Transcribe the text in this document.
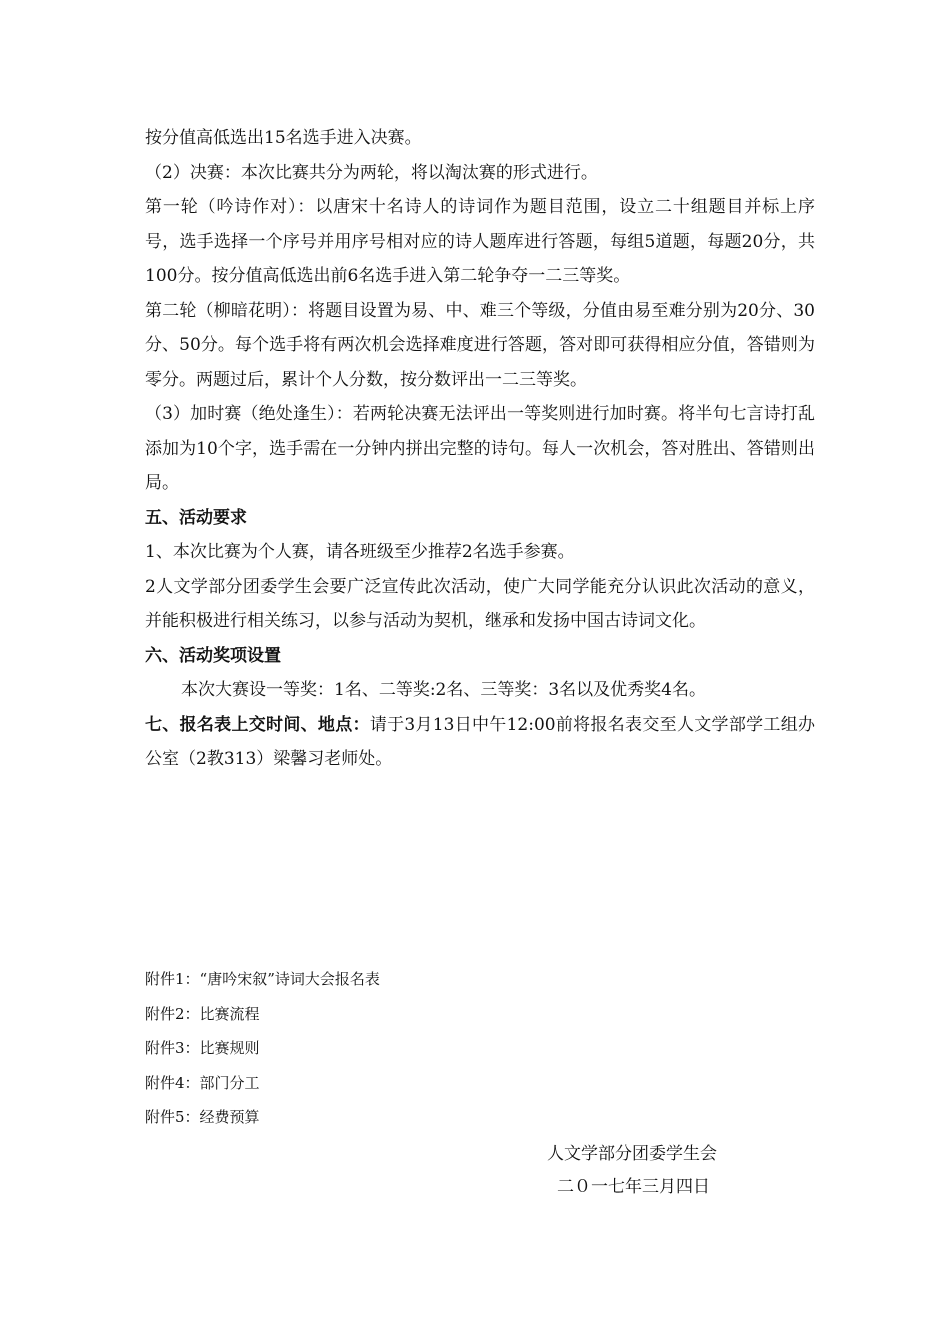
按分值高低选出15名选手进入决赛。

（2）决赛：本次比赛共分为两轮，将以淘汰赛的形式进行。

第一轮（吟诗作对）：以唐宋十名诗人的诗词作为题目范围，设立二十组题目并标上序号，选手选择一个序号并用序号相对应的诗人题库进行答题，每组5道题，每题20分，共100分。按分值高低选出前6名选手进入第二轮争夺一二三等奖。

第二轮（柳暗花明）：将题目设置为易、中、难三个等级，分值由易至难分别为20分、30分、50分。每个选手将有两次机会选择难度进行答题，答对即可获得相应分值，答错则为零分。两题过后，累计个人分数，按分数评出一二三等奖。

（3）加时赛（绝处逢生）：若两轮决赛无法评出一等奖则进行加时赛。将半句七言诗打乱添加为10个字，选手需在一分钟内拼出完整的诗句。每人一次机会，答对胜出、答错则出局。

五、活动要求

1、本次比赛为个人赛，请各班级至少推荐2名选手参赛。

2人文学部分团委学生会要广泛宣传此次活动，使广大同学能充分认识此次活动的意义，并能积极进行相关练习，以参与活动为契机，继承和发扬中国古诗词文化。

六、活动奖项设置

本次大赛设一等奖：1名、二等奖:2名、三等奖：3名以及优秀奖4名。

七、报名表上交时间、地点：请于3月13日中午12:00前将报名表交至人文学部学工组办公室（2教313）梁馨习老师处。

附件1：“唐吟宋叙”诗词大会报名表

附件2：比赛流程

附件3：比赛规则

附件4：部门分工

附件5：经费预算

人文学部分团委学生会

二０一七年三月四日
